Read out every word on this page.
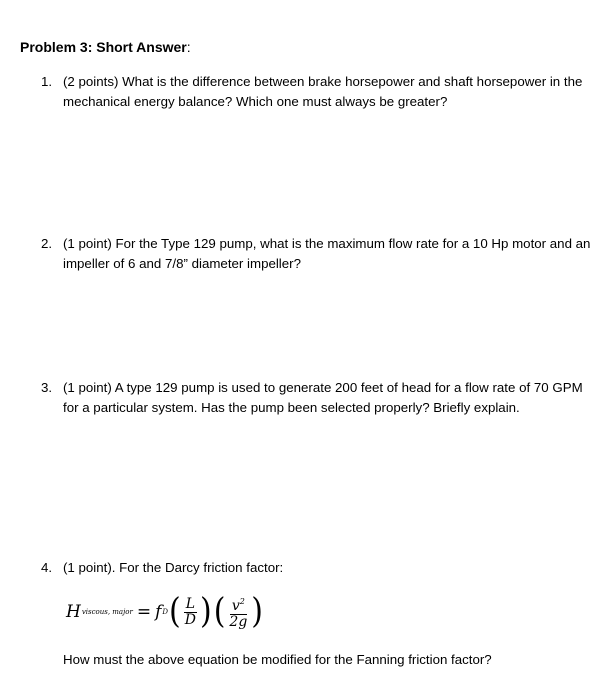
Problem 3: Short Answer:
1. (2 points) What is the difference between brake horsepower and shaft horsepower in the mechanical energy balance? Which one must always be greater?
2. (1 point) For the Type 129 pump, what is the maximum flow rate for a 10 Hp motor and an impeller of 6 and 7/8” diameter impeller?
3. (1 point) A type 129 pump is used to generate 200 feet of head for a flow rate of 70 GPM for a particular system. Has the pump been selected properly? Briefly explain.
4. (1 point). For the Darcy friction factor:
H viscous, major = f D ( $\frac{L}{D}$ ) ( $\frac{v^2}{2g}$ )
How must the above equation be modified for the Fanning friction factor?
